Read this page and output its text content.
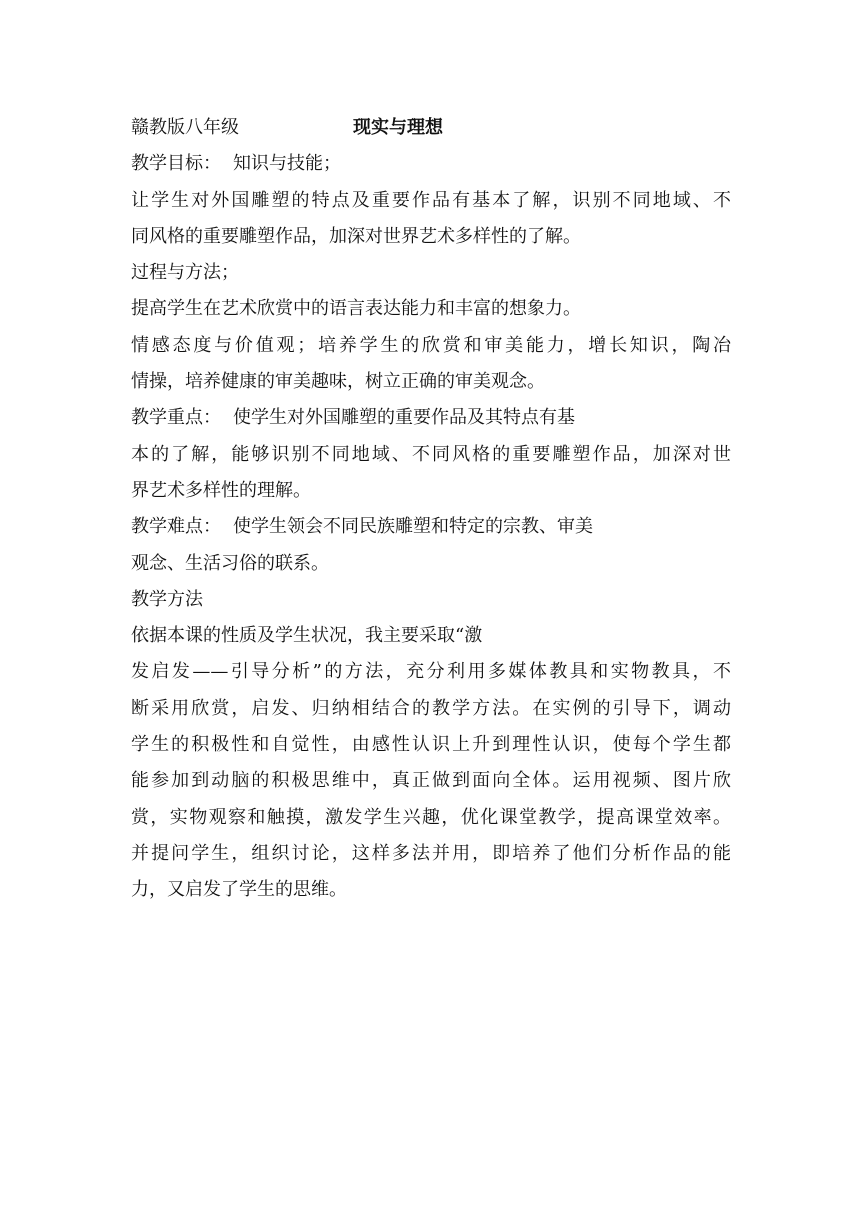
赣教版八年级	现实与理想
教学目标： 知识与技能；
让学生对外国雕塑的特点及重要作品有基本了解，识别不同地域、不
同风格的重要雕塑作品，加深对世界艺术多样性的了解。
过程与方法；
提高学生在艺术欣赏中的语言表达能力和丰富的想象力。
情感态度与价值观；培养学生的欣赏和审美能力，增长知识，陶冶
情操，培养健康的审美趣味，树立正确的审美观念。
教学重点： 使学生对外国雕塑的重要作品及其特点有基
本的了解，能够识别不同地域、不同风格的重要雕塑作品，加深对世
界艺术多样性的理解。
教学难点： 使学生领会不同民族雕塑和特定的宗教、审美
观念、生活习俗的联系。
教学方法
依据本课的性质及学生状况，我主要采取“激
发启发——引导分析”的方法，充分利用多媒体教具和实物教具，不
断采用欣赏，启发、归纳相结合的教学方法。在实例的引导下，调动
学生的积极性和自觉性，由感性认识上升到理性认识，使每个学生都
能参加到动脑的积极思维中，真正做到面向全体。运用视频、图片欣
赏，实物观察和触摸，激发学生兴趣，优化课堂教学，提高课堂效率。
并提问学生，组织讨论，这样多法并用，即培养了他们分析作品的能
力，又启发了学生的思维。
